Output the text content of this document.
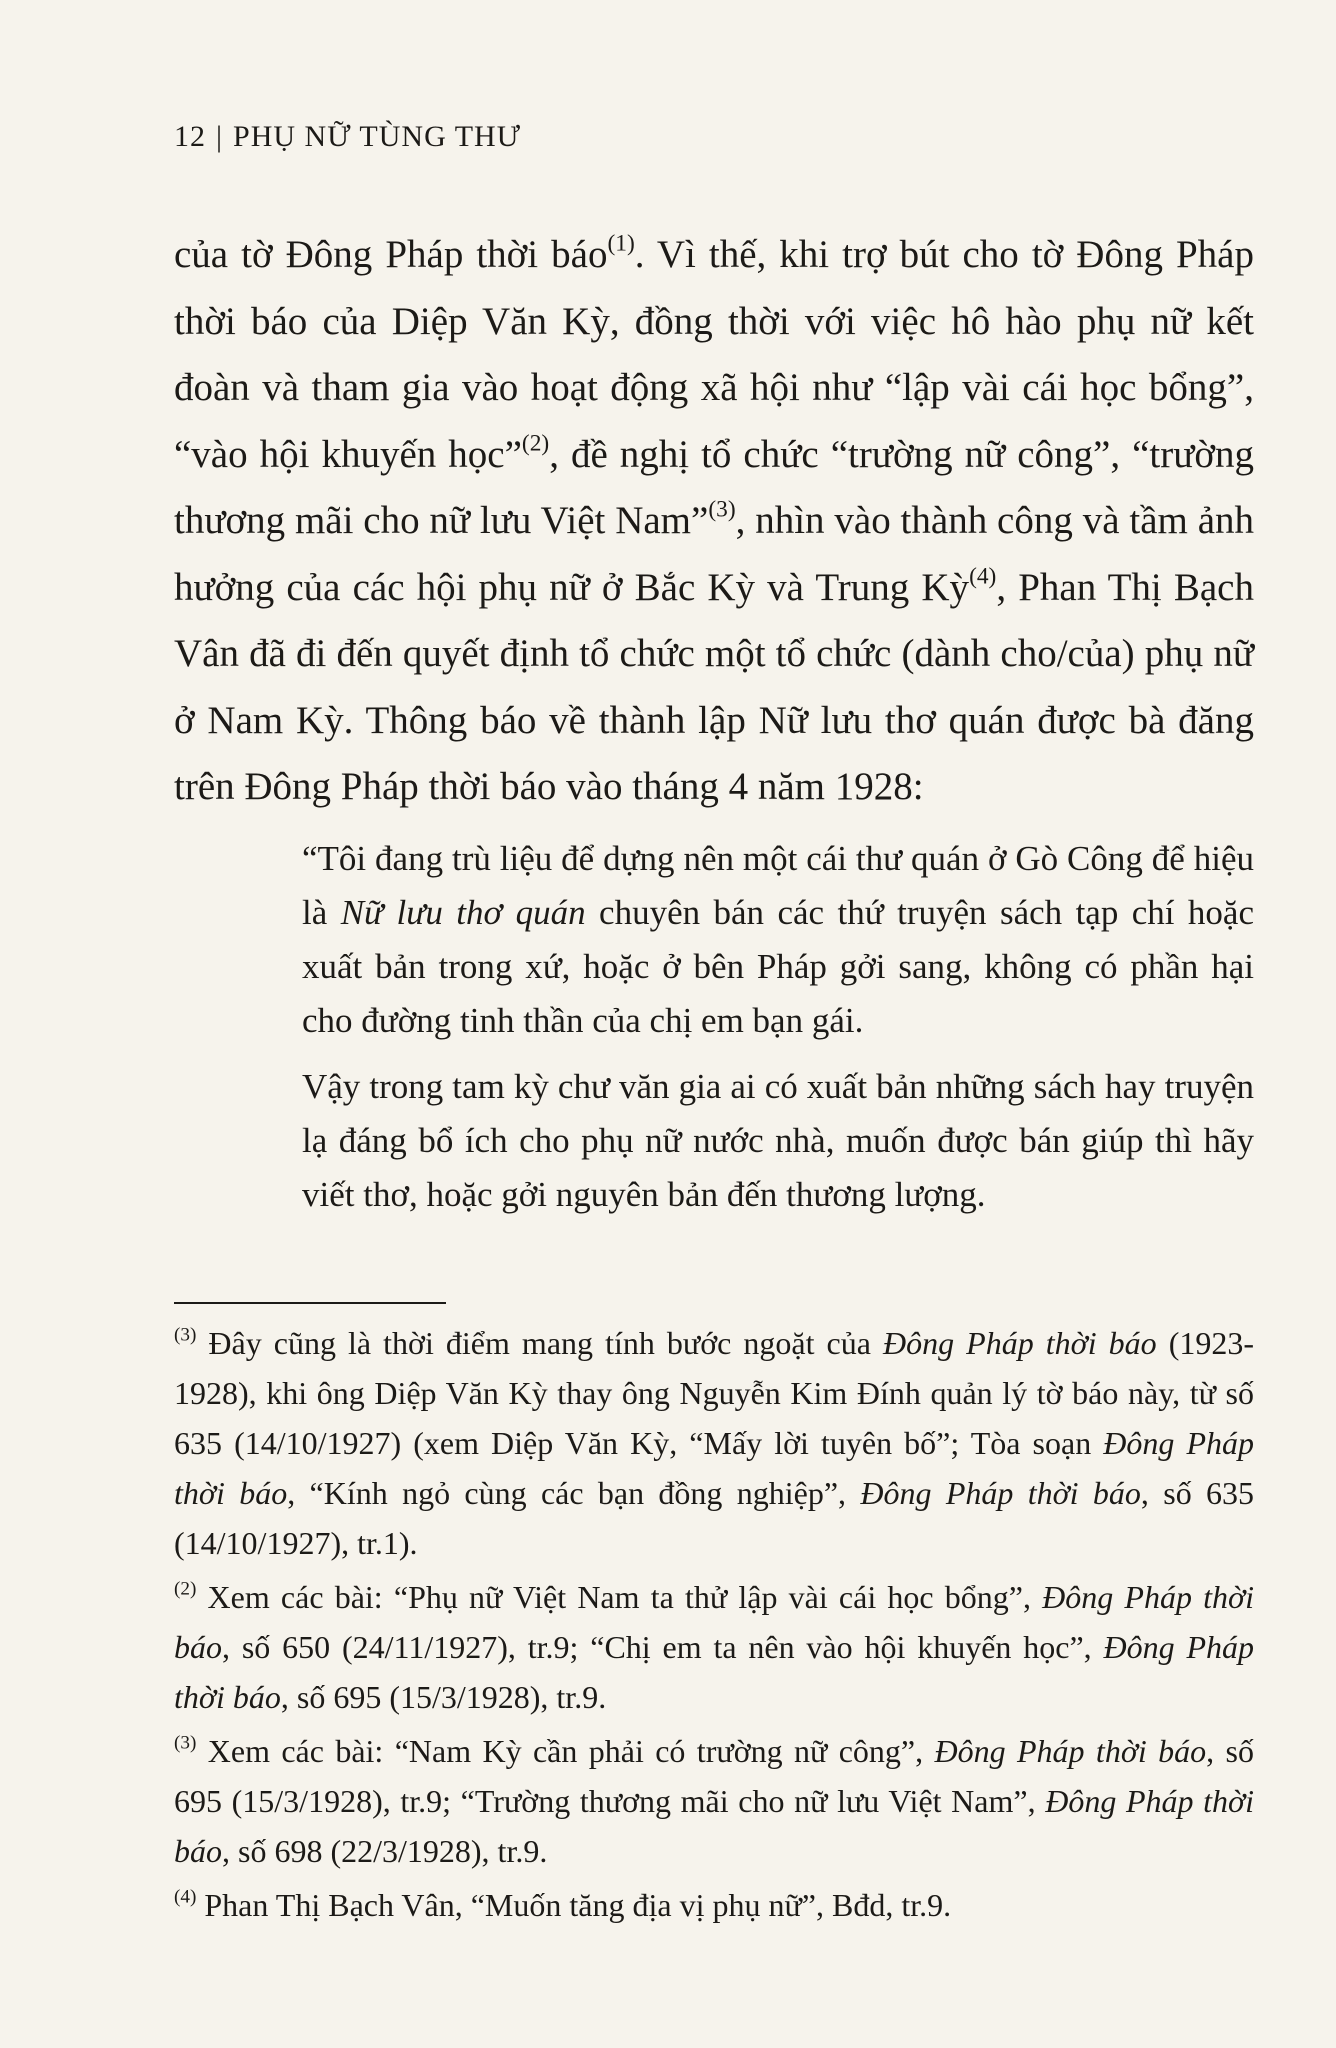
12 | PHỤ NỮ TÙNG THƯ

của tờ Đông Pháp thời báo$^{(1)}$. Vì thế, khi trợ bút cho tờ Đông Pháp thời báo của Diệp Văn Kỳ, đồng thời với việc hô hào phụ nữ kết đoàn và tham gia vào hoạt động xã hội như “lập vài cái học bổng”, “vào hội khuyến học”$^{(2)}$, đề nghị tổ chức “trường nữ công”, “trường thương mãi cho nữ lưu Việt Nam”$^{(3)}$, nhìn vào thành công và tầm ảnh hưởng của các hội phụ nữ ở Bắc Kỳ và Trung Kỳ$^{(4)}$, Phan Thị Bạch Vân đã đi đến quyết định tổ chức một tổ chức (dành cho/của) phụ nữ ở Nam Kỳ. Thông báo về thành lập Nữ lưu thơ quán được bà đăng trên Đông Pháp thời báo vào tháng 4 năm 1928:

“Tôi đang trù liệu để dựng nên một cái thư quán ở Gò Công để hiệu là Nữ lưu thơ quán chuyên bán các thứ truyện sách tạp chí hoặc xuất bản trong xứ, hoặc ở bên Pháp gởi sang, không có phần hại cho đường tinh thần của chị em bạn gái.

Vậy trong tam kỳ chư văn gia ai có xuất bản những sách hay truyện lạ đáng bổ ích cho phụ nữ nước nhà, muốn được bán giúp thì hãy viết thơ, hoặc gởi nguyên bản đến thương lượng.

$^{(3)}$ Đây cũng là thời điểm mang tính bước ngoặt của Đông Pháp thời báo (1923-1928), khi ông Diệp Văn Kỳ thay ông Nguyễn Kim Đính quản lý tờ báo này, từ số 635 (14/10/1927) (xem Diệp Văn Kỳ, “Mấy lời tuyên bố”; Tòa soạn Đông Pháp thời báo, “Kính ngỏ cùng các bạn đồng nghiệp”, Đông Pháp thời báo, số 635 (14/10/1927), tr.1).

$^{(2)}$ Xem các bài: “Phụ nữ Việt Nam ta thử lập vài cái học bổng”, Đông Pháp thời báo, số 650 (24/11/1927), tr.9; “Chị em ta nên vào hội khuyến học”, Đông Pháp thời báo, số 695 (15/3/1928), tr.9.

$^{(3)}$ Xem các bài: “Nam Kỳ cần phải có trường nữ công”, Đông Pháp thời báo, số 695 (15/3/1928), tr.9; “Trường thương mãi cho nữ lưu Việt Nam”, Đông Pháp thời báo, số 698 (22/3/1928), tr.9.

$^{(4)}$ Phan Thị Bạch Vân, “Muốn tăng địa vị phụ nữ”, Bđd, tr.9.
